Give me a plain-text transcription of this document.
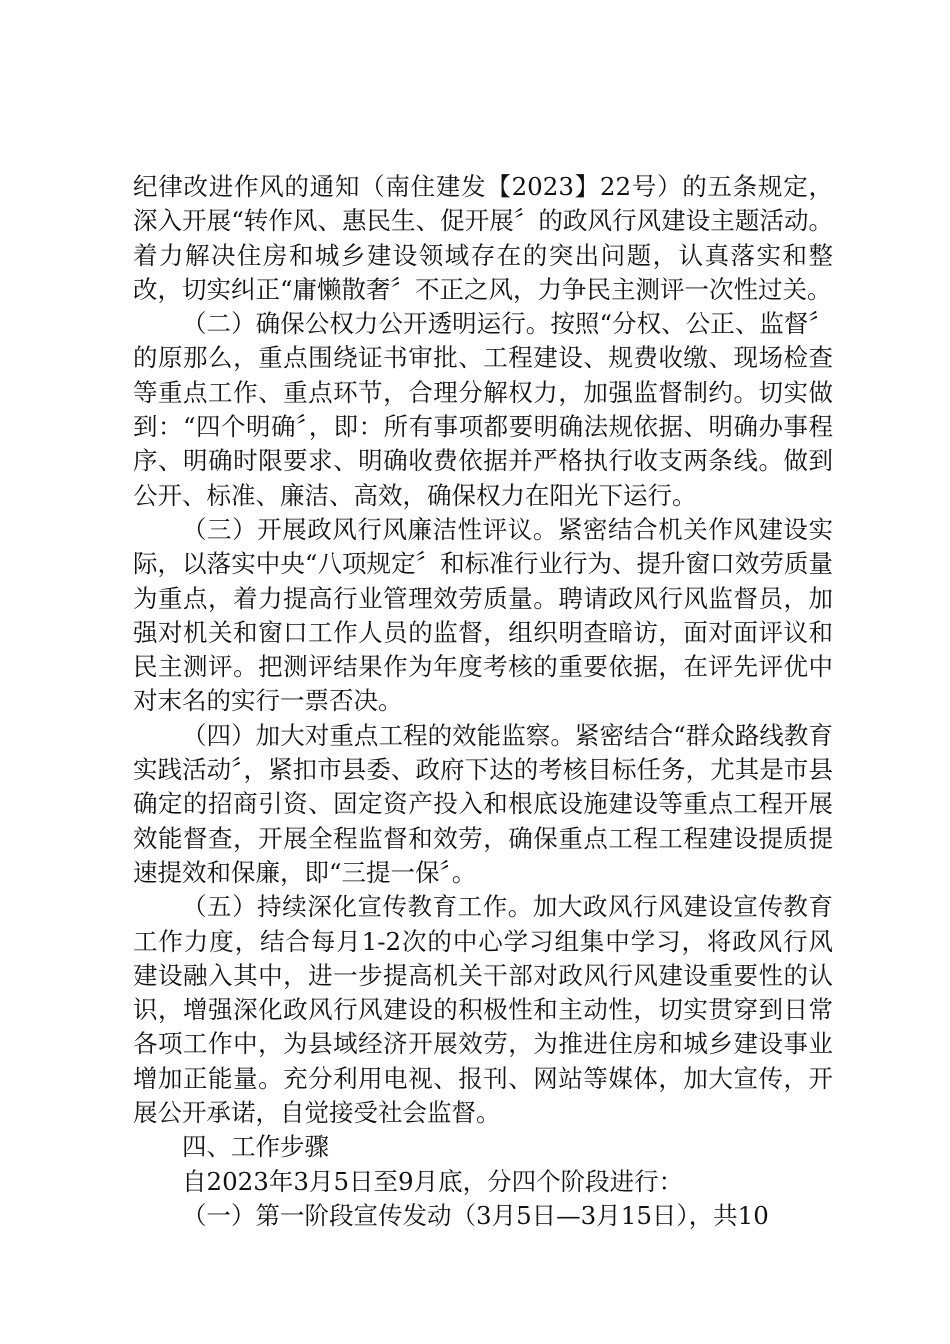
纪律改进作风的通知（南住建发【2023】22号）的五条规定，深入开展“转作风、惠民生、促开展〞的政风行风建设主题活动。着力解决住房和城乡建设领域存在的突出问题，认真落实和整改，切实纠正“庸懒散奢〞不正之风，力争民主测评一次性过关。

（二）确保公权力公开透明运行。按照“分权、公正、监督〞的原那么，重点围绕证书审批、工程建设、规费收缴、现场检查等重点工作、重点环节，合理分解权力，加强监督制约。切实做到：“四个明确〞，即：所有事项都要明确法规依据、明确办事程序、明确时限要求、明确收费依据并严格执行收支两条线。做到公开、标准、廉洁、高效，确保权力在阳光下运行。

（三）开展政风行风廉洁性评议。紧密结合机关作风建设实际，以落实中央“八项规定〞和标准行业行为、提升窗口效劳质量为重点，着力提高行业管理效劳质量。聘请政风行风监督员，加强对机关和窗口工作人员的监督，组织明查暗访，面对面评议和民主测评。把测评结果作为年度考核的重要依据，在评先评优中对末名的实行一票否决。

（四）加大对重点工程的效能监察。紧密结合“群众路线教育实践活动〞，紧扣市县委、政府下达的考核目标任务，尤其是市县确定的招商引资、固定资产投入和根底设施建设等重点工程开展效能督查，开展全程监督和效劳，确保重点工程工程建设提质提速提效和保廉，即“三提一保〞。

（五）持续深化宣传教育工作。加大政风行风建设宣传教育工作力度，结合每月1-2次的中心学习组集中学习，将政风行风建设融入其中，进一步提高机关干部对政风行风建设重要性的认识，增强深化政风行风建设的积极性和主动性，切实贯穿到日常各项工作中，为县域经济开展效劳，为推进住房和城乡建设事业增加正能量。充分利用电视、报刊、网站等媒体，加大宣传，开展公开承诺，自觉接受社会监督。

四、工作步骤

自2023年3月5日至9月底，分四个阶段进行：

（一）第一阶段宣传发动（3月5日—3月15日），共10
